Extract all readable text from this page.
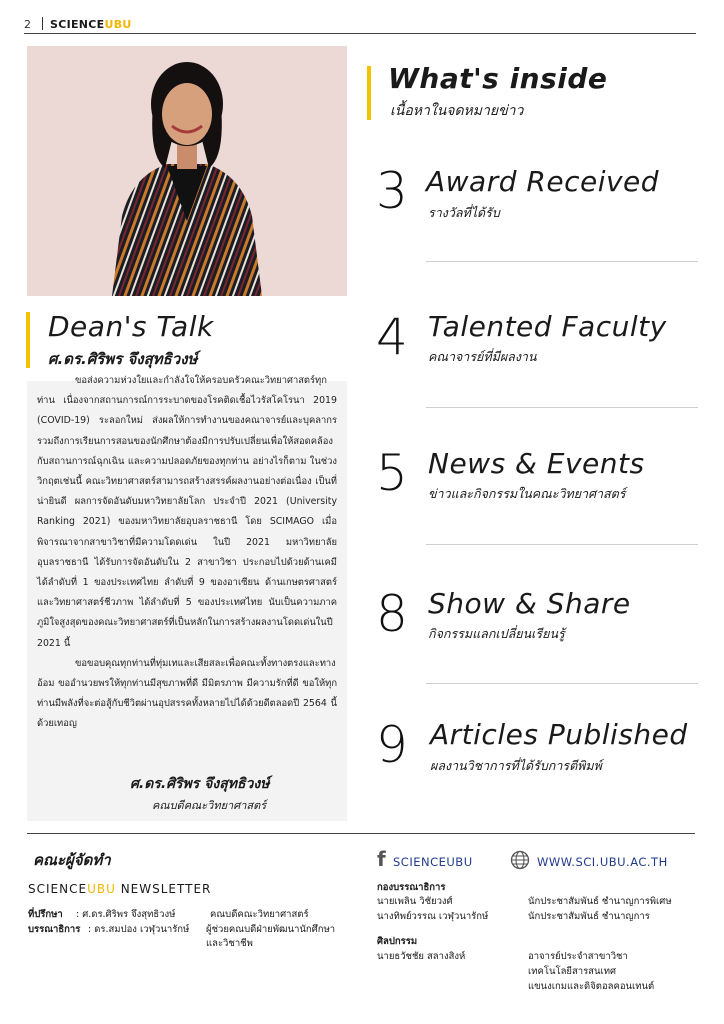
2 SCIENCEUBU
Dean's Talk
ศ.ดร.ศิริพร จึงสุทธิวงษ์

ขอส่งความห่วงใยและกำลังใจให้ครอบครัวคณะวิทยาศาสตร์ทุกท่าน เนื่องจากสถานการณ์การระบาดของโรคติดเชื้อไวรัสโคโรนา 2019 (COVID-19) ระลอกใหม่ ส่งผลให้การทำงานของคณาจารย์และบุคลากร รวมถึงการเรียนการสอนของนักศึกษาต้องมีการปรับเปลี่ยนเพื่อให้สอดคล้องกับสถานการณ์ฉุกเฉิน และความปลอดภัยของทุกท่าน อย่างไรก็ตาม ในช่วงวิกฤตเช่นนี้ คณะวิทยาศาสตร์สามารถสร้างสรรค์ผลงานอย่างต่อเนื่อง เป็นที่น่ายินดี ผลการจัดอันดับมหาวิทยาลัยโลก ประจำปี 2021 (University Ranking 2021) ของมหาวิทยาลัยอุบลราชธานี โดย SCIMAGO เมื่อพิจารณาจากสาขาวิชาที่มีความโดดเด่น ในปี 2021 มหาวิทยาลัยอุบลราชธานี ได้รับการจัดอันดับใน 2 สาขาวิชา ประกอบไปด้วยด้านเคมี ได้ลำดับที่ 1 ของประเทศไทย ลำดับที่ 9 ของอาเซียน ด้านเกษตรศาสตร์และวิทยาศาสตร์ชีวภาพ ได้ลำดับที่ 5 ของประเทศไทย นับเป็นความภาคภูมิใจสูงสุดของคณะวิทยาศาสตร์ที่เป็นหลักในการสร้างผลงานโดดเด่นในปี 2021 นี้

ขอขอบคุณทุกท่านที่ทุ่มเทและเสียสละเพื่อคณะทั้งทางตรงและทางอ้อม ขออำนวยพรให้ทุกท่านมีสุขภาพที่ดี มีมิตรภาพ มีความรักที่ดี ขอให้ทุกท่านมีพลังที่จะต่อสู้กับชีวิตผ่านอุปสรรคทั้งหลายไปได้ด้วยดีตลอดปี 2564 นี้ด้วยเทอญ

ศ.ดร.ศิริพร จึงสุทธิวงษ์
คณบดีคณะวิทยาศาสตร์
What's inside
เนื้อหาในจดหมายข่าว
3 Award Received
รางวัลที่ได้รับ
4 Talented Faculty
คณาจารย์ที่มีผลงาน
5 News & Events
ข่าวและกิจกรรมในคณะวิทยาศาสตร์
8 Show & Share
กิจกรรมแลกเปลี่ยนเรียนรู้
9 Articles Published
ผลงานวิชาการที่ได้รับการตีพิมพ์
คณะผู้จัดทำ
SCIENCEUBU NEWSLETTER
ที่ปรึกษา : ศ.ดร.ศิริพร จึงสุทธิวงษ์	คณบดีคณะวิทยาศาสตร์
บรรณาธิการ : ดร.สมปอง เวฬุวนารักษ์ ผู้ช่วยคณบดีฝ่ายพัฒนานักศึกษา
และวิชาชีพ
f SCIENCEUBU	WWW.SCI.UBU.AC.TH
กองบรรณาธิการ
นายเพลิน วิชัยวงศ์	นักประชาสัมพันธ์ ชำนาญการพิเศษ
นางทิพย์วรรณ เวฬุวนารักษ์	นักประชาสัมพันธ์ ชำนาญการ
ศิลปกรรม
นายธวัชชัย สลางสิงห์	อาจารย์ประจำสาขาวิชา
เทคโนโลยีสารสนเทศ
แขนงเกมและดิจิตอลคอนเทนต์
